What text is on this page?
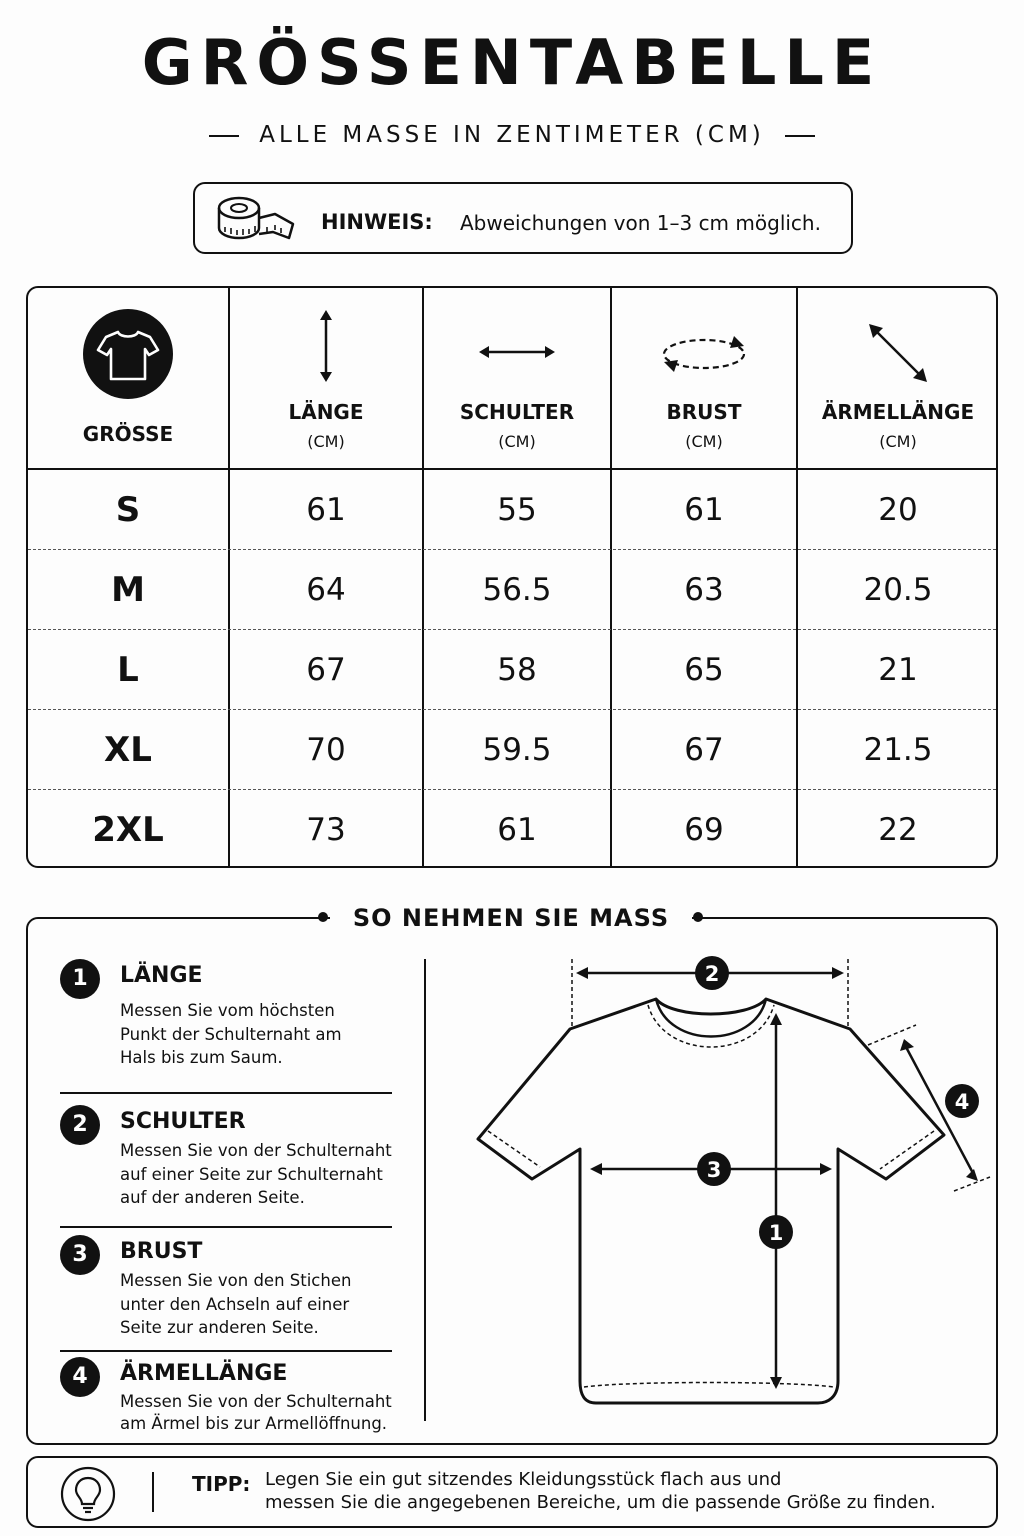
GRÖSSENTABELLE
ALLE MASSE IN ZENTIMETER (CM)
HINWEIS: Abweichungen von 1–3 cm möglich.
GRÖSSE
LÄNGE
(CM)
SCHULTER
(CM)
BRUST
(CM)
ÄRMELLÄNGE
(CM)
S	61	55	61	20
M	64	56.5	63	20.5
L	67	58	65	21
XL	70	59.5	67	21.5
2XL	73	61	69	22
1	LÄNGE
Messen Sie vom höchsten
Punkt der Schulternaht am
Hals bis zum Saum.
2	SCHULTER
Messen Sie von der Schulternaht
auf einer Seite zur Schulternaht
auf der anderen Seite.
3	BRUST
Messen Sie von den Stichen
unter den Achseln auf einer
Seite zur anderen Seite.
4	ÄRMELLÄNGE
Messen Sie von der Schulternaht
am Ärmel bis zur Armellöffnung.
2
4
3
1
SO NEHMEN SIE MASS
TIPP: Legen Sie ein gut sitzendes Kleidungsstück flach aus und
messen Sie die angegebenen Bereiche, um die passende Größe zu finden.
